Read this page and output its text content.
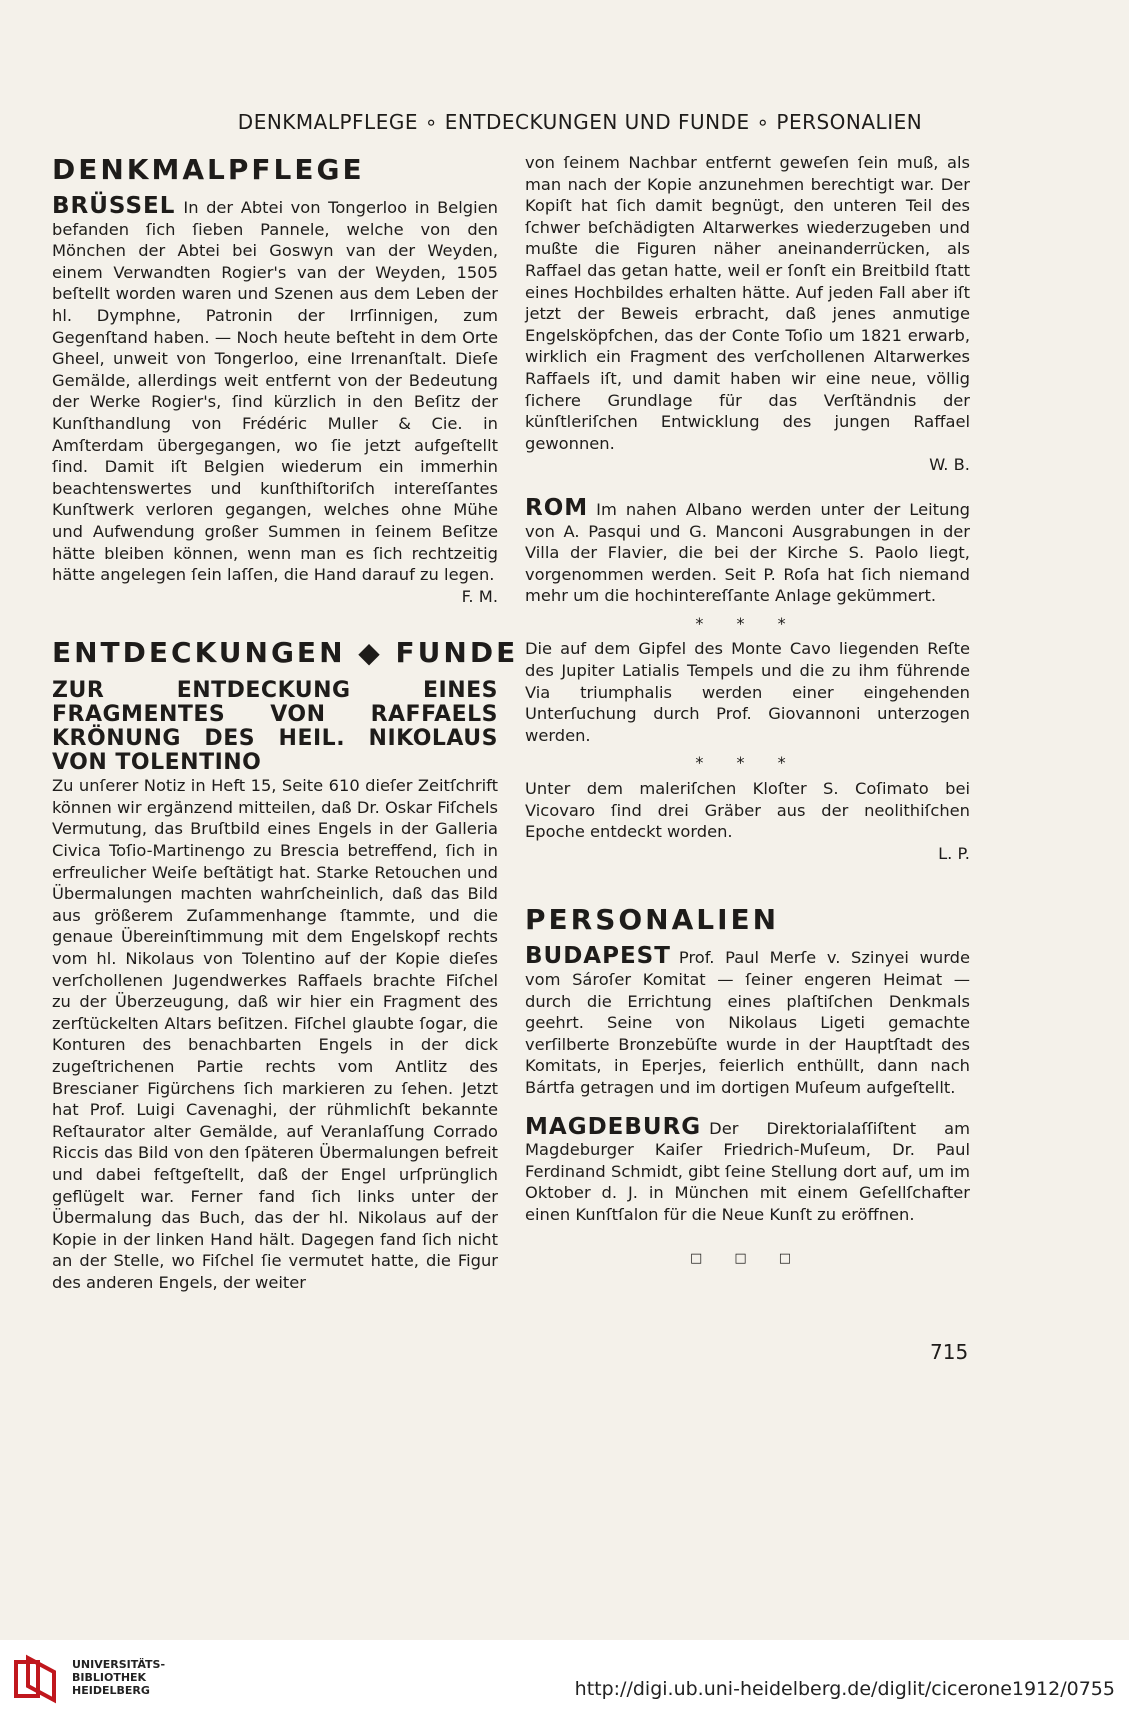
DENKMALPFLEGE ∘ ENTDECKUNGEN UND FUNDE ∘ PERSONALIEN
DENKMALPFLEGE

BRÜSSEL In der Abtei von Tongerloo in Belgien befanden ſich ſieben Pannele, welche von den Mönchen der Abtei bei Goswyn van der Weyden, einem Verwandten Rogier's van der Weyden, 1505 beſtellt worden waren und Szenen aus dem Leben der hl. Dymphne, Patronin der Irrſinnigen, zum Gegenſtand haben. — Noch heute beſteht in dem Orte Gheel, unweit von Tongerloo, eine Irrenanſtalt. Dieſe Gemälde, allerdings weit entfernt von der Bedeutung der Werke Rogier's, ſind kürzlich in den Beſitz der Kunſthandlung von Frédéric Muller & Cie. in Amſterdam übergegangen, wo ſie jetzt aufgeſtellt ſind. Damit iſt Belgien wiederum ein immerhin beachtenswertes und kunſthiſtoriſch intereſſantes Kunſtwerk verloren gegangen, welches ohne Mühe und Aufwendung großer Summen in ſeinem Beſitze hätte bleiben können, wenn man es ſich rechtzeitig hätte angelegen ſein laſſen, die Hand darauf zu legen.

F. M.

ENTDECKUNGEN ◆ FUNDE

ZUR ENTDECKUNG EINES FRAGMENTES VON RAFFAELS KRÖNUNG DES HEIL. NIKOLAUS VON TOLENTINO

Zu unſerer Notiz in Heft 15, Seite 610 dieſer Zeitſchrift können wir ergänzend mitteilen, daß Dr. Oskar Fiſchels Vermutung, das Bruſtbild eines Engels in der Galleria Civica Toſio-Martinengo zu Brescia betreffend, ſich in erfreulicher Weiſe beſtätigt hat. Starke Retouchen und Übermalungen machten wahrſcheinlich, daß das Bild aus größerem Zuſammenhange ſtammte, und die genaue Übereinſtimmung mit dem Engelskopf rechts vom hl. Nikolaus von Tolentino auf der Kopie dieſes verſchollenen Jugendwerkes Raffaels brachte Fiſchel zu der Überzeugung, daß wir hier ein Fragment des zerſtückelten Altars beſitzen. Fiſchel glaubte ſogar, die Konturen des benachbarten Engels in der dick zugeſtrichenen Partie rechts vom Antlitz des Brescianer Figürchens ſich markieren zu ſehen. Jetzt hat Prof. Luigi Cavenaghi, der rühmlichſt bekannte Reſtaurator alter Gemälde, auf Veranlaſſung Corrado Riccis das Bild von den ſpäteren Übermalungen befreit und dabei feſtgeſtellt, daß der Engel urſprünglich geflügelt war. Ferner fand ſich links unter der Übermalung das Buch, das der hl. Nikolaus auf der Kopie in der linken Hand hält. Dagegen fand ſich nicht an der Stelle, wo Fiſchel ſie vermutet hatte, die Figur des anderen Engels, der weiter

von ſeinem Nachbar entfernt geweſen ſein muß, als man nach der Kopie anzunehmen berechtigt war. Der Kopiſt hat ſich damit begnügt, den unteren Teil des ſchwer beſchädigten Altarwerkes wiederzugeben und mußte die Figuren näher aneinanderrücken, als Raffael das getan hatte, weil er ſonſt ein Breitbild ſtatt eines Hochbildes erhalten hätte. Auf jeden Fall aber iſt jetzt der Beweis erbracht, daß jenes anmutige Engelsköpfchen, das der Conte Toſio um 1821 erwarb, wirklich ein Fragment des verſchollenen Altarwerkes Raffaels iſt, und damit haben wir eine neue, völlig ſichere Grundlage für das Verſtändnis der künſtleriſchen Entwicklung des jungen Raffael gewonnen.

W. B.

ROM Im nahen Albano werden unter der Leitung von A. Pasqui und G. Manconi Ausgrabungen in der Villa der Flavier, die bei der Kirche S. Paolo liegt, vorgenommen werden. Seit P. Roſa hat ſich niemand mehr um die hochintereſſante Anlage gekümmert.

* * *

Die auf dem Gipfel des Monte Cavo liegenden Reſte des Jupiter Latialis Tempels und die zu ihm führende Via triumphalis werden einer eingehenden Unterſuchung durch Prof. Giovannoni unterzogen werden.

* * *

Unter dem maleriſchen Kloſter S. Coſimato bei Vicovaro ſind drei Gräber aus der neolithiſchen Epoche entdeckt worden.

L. P.

PERSONALIEN

BUDAPEST Prof. Paul Merſe v. Szinyei wurde vom Sároſer Komitat — ſeiner engeren Heimat — durch die Errichtung eines plaſtiſchen Denkmals geehrt. Seine von Nikolaus Ligeti gemachte verſilberte Bronzebüſte wurde in der Hauptſtadt des Komitats, in Eperjes, feierlich enthüllt, dann nach Bártfa getragen und im dortigen Muſeum aufgeſtellt.

MAGDEBURG Der Direktorialaſſiſtent am Magdeburger Kaiſer Friedrich-Muſeum, Dr. Paul Ferdinand Schmidt, gibt ſeine Stellung dort auf, um im Oktober d. J. in München mit einem Geſellſchafter einen Kunſtſalon für die Neue Kunſt zu eröffnen.

□ □ □

715
UNIVERSITÄTS-
BIBLIOTHEK
HEIDELBERG	http://digi.ub.uni-heidelberg.de/diglit/cicerone1912/0755
